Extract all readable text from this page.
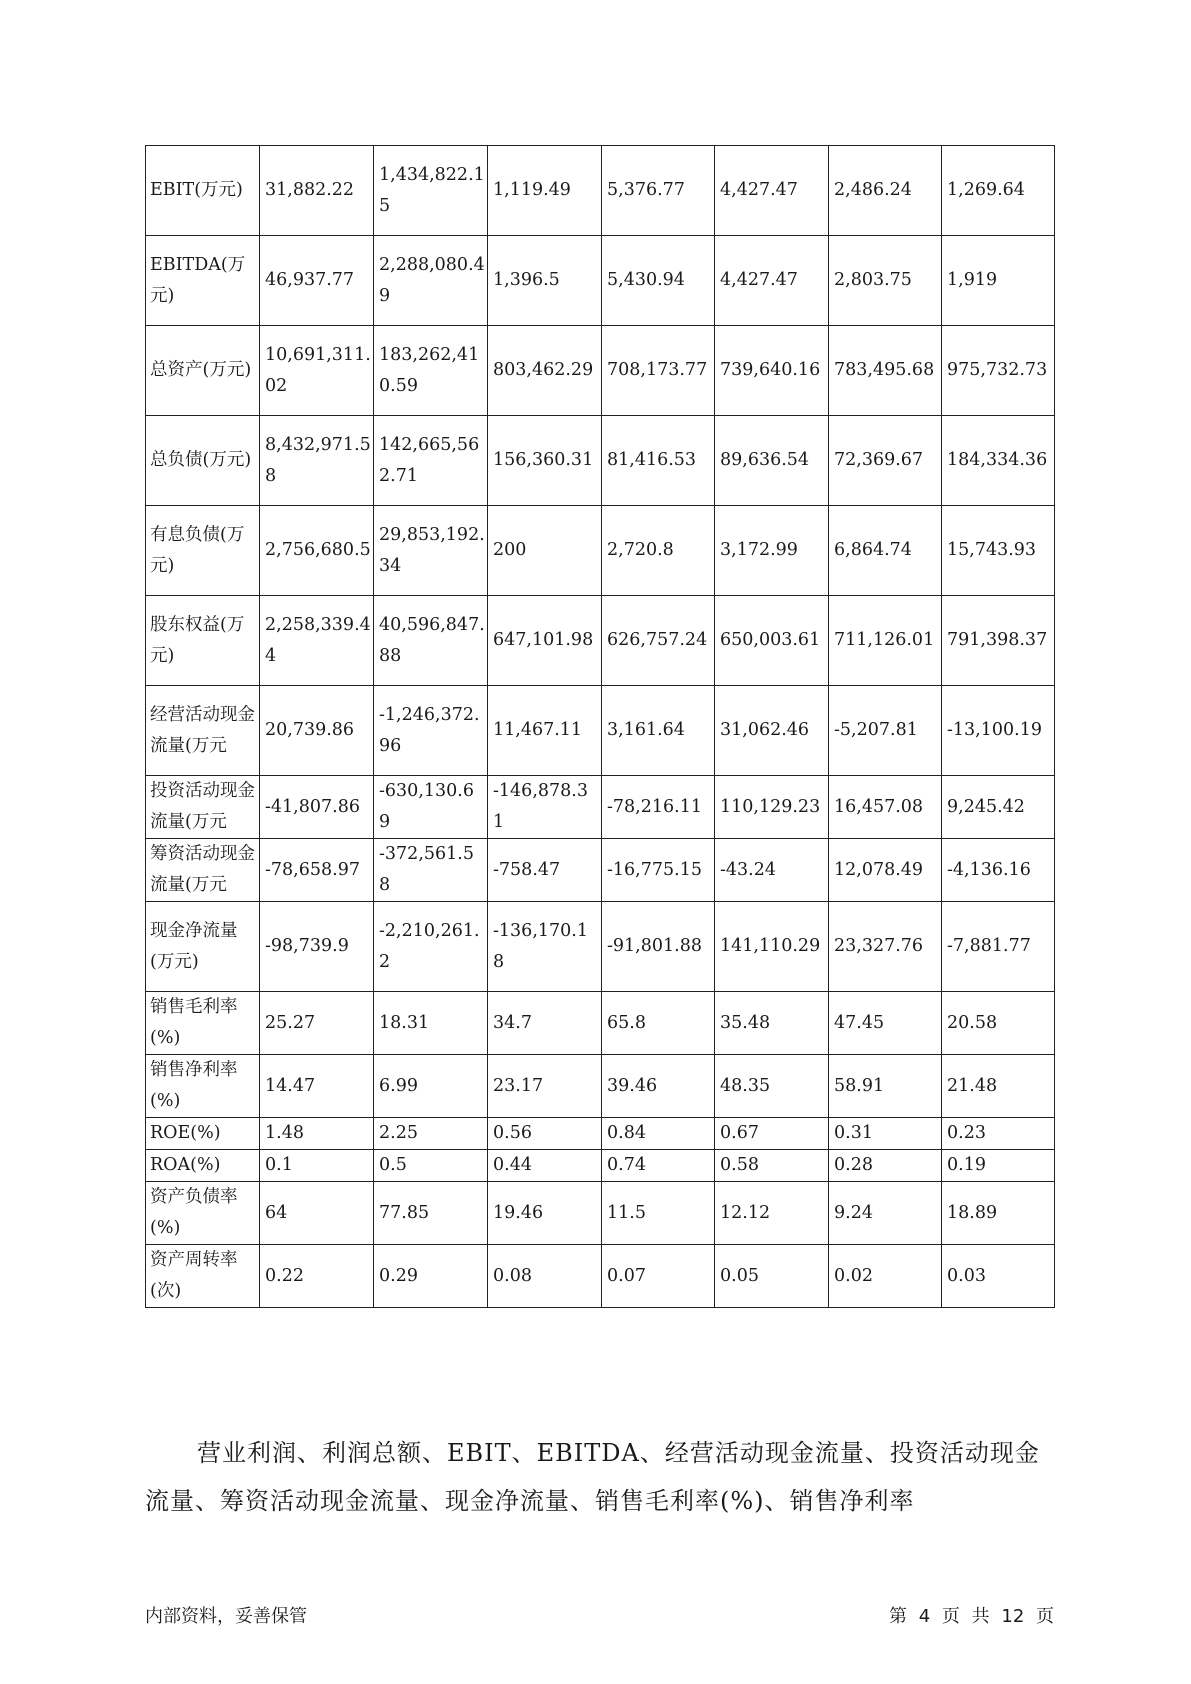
EBIT(万元)	31,882.22	1,434,822.15	1,119.49	5,376.77	4,427.47	2,486.24	1,269.64
EBITDA(万元)	46,937.77	2,288,080.49	1,396.5	5,430.94	4,427.47	2,803.75	1,919
总资产(万元)	10,691,311.02	183,262,410.59	803,462.29	708,173.77	739,640.16	783,495.68	975,732.73
总负债(万元)	8,432,971.58	142,665,562.71	156,360.31	81,416.53	89,636.54	72,369.67	184,334.36
有息负债(万元)	2,756,680.5	29,853,192.34	200	2,720.8	3,172.99	6,864.74	15,743.93
股东权益(万元)	2,258,339.44	40,596,847.88	647,101.98	626,757.24	650,003.61	711,126.01	791,398.37
经营活动现金流量(万元	20,739.86	-1,246,372.96	11,467.11	3,161.64	31,062.46	-5,207.81	-13,100.19
投资活动现金流量(万元	-41,807.86	-630,130.69	-146,878.31	-78,216.11	110,129.23	16,457.08	9,245.42
筹资活动现金流量(万元	-78,658.97	-372,561.58	-758.47	-16,775.15	-43.24	12,078.49	-4,136.16
现金净流量(万元)	-98,739.9	-2,210,261.2	-136,170.18	-91,801.88	141,110.29	23,327.76	-7,881.77
销售毛利率(%)	25.27	18.31	34.7	65.8	35.48	47.45	20.58
销售净利率(%)	14.47	6.99	23.17	39.46	48.35	58.91	21.48
ROE(%)	1.48	2.25	0.56	0.84	0.67	0.31	0.23
ROA(%)	0.1	0.5	0.44	0.74	0.58	0.28	0.19
资产负债率(%)	64	77.85	19.46	11.5	12.12	9.24	18.89
资产周转率(次)	0.22	0.29	0.08	0.07	0.05	0.02	0.03

营业利润、利润总额、EBIT、EBITDA、经营活动现金流量、投资活动现金流量、筹资活动现金流量、现金净流量、销售毛利率(%)、销售净利率

内部资料，妥善保管	第 4 页 共 12 页
